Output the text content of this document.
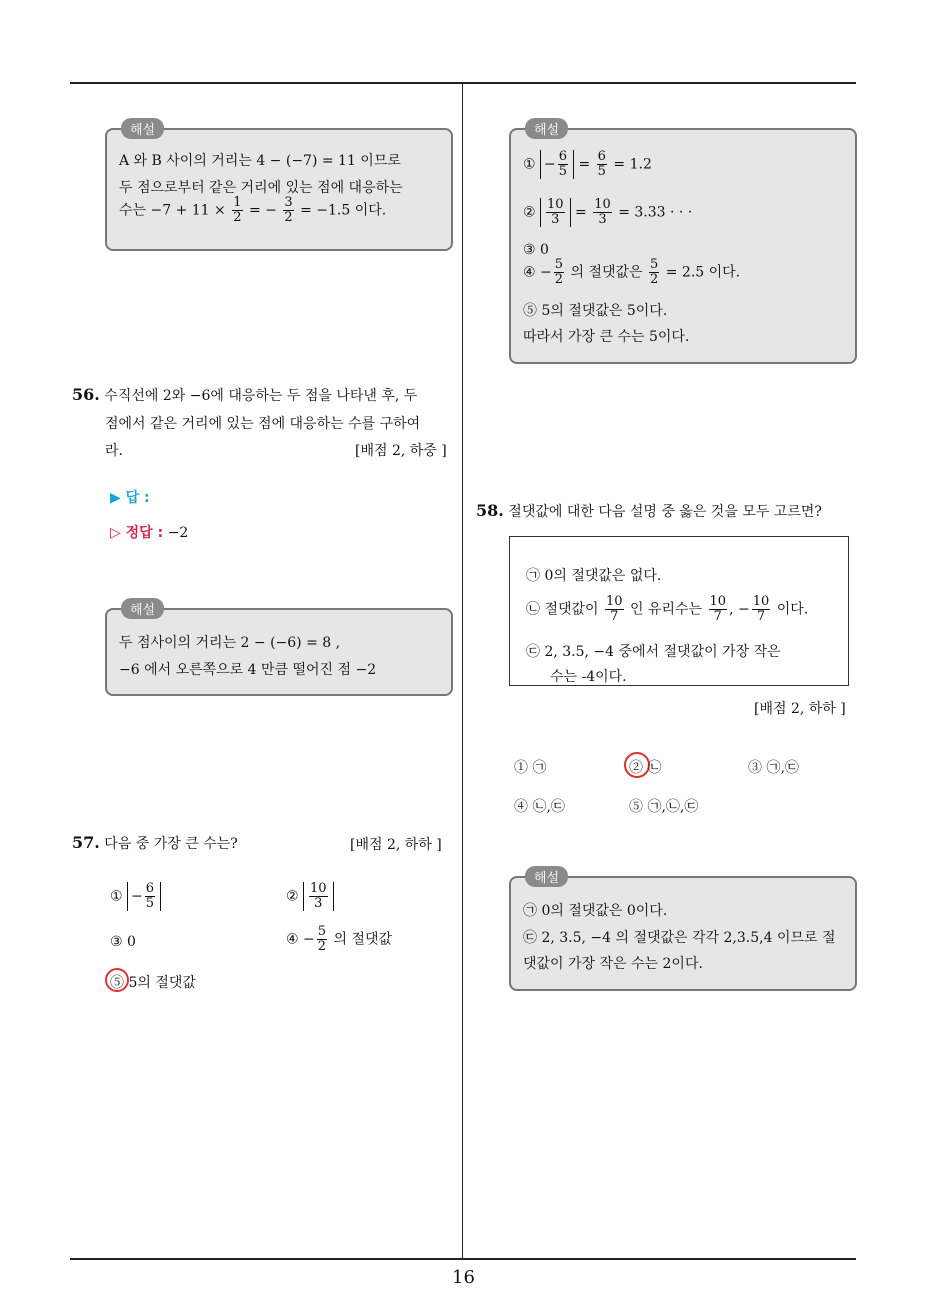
16
해설
A 와 B 사이의 거리는 4 − (−7) = 11 이므로
두 점으로부터 같은 거리에 있는 점에 대응하는
수는 $-7 + 11 \times \frac{1}{2}$ = − $\frac{3}{2} = -1.5$ 이다.
56. 수직선에 2와 −6에 대응하는 두 점을 나타낸 후, 두
점에서 같은 거리에 있는 점에 대응하는 수를 구하여
라.	[배점 2, 하중 ]
▶ 답 :
▷ 정답 : −2
해설
두 점사이의 거리는 2 − (−6) = 8 ,
−6 에서 오른쪽으로 4 만큼 떨어진 점 −2
57. 다음 중 가장 큰 수는?	[배점 2, 하하 ]
① − $\frac{6}{5}$	② $\frac{10}{3}$
③ 0	④ − $\frac{5}{2}$ 의 절댓값
⑤ 5의 절댓값
해설
① − $\frac{6}{5} = \frac{6}{5} = 1.2$
② $\frac{10}{3} = \frac{10}{3} = 3.33$ · · ·
③ 0
④ − $\frac{5}{2}$ 의 절댓값은 $\frac{5}{2} = 2.5$ 이다.
⑤ 5의 절댓값은 5이다.
따라서 가장 큰 수는 5이다.
58. 절댓값에 대한 다음 설명 중 옳은 것을 모두 고르면?
㉠ 0의 절댓값은 없다.
㉡ 절댓값이 $\frac{10}{7}$ 인 유리수는 $\frac{10}{7}$ , − $\frac{10}{7}$ 이다.
㉢ 2, 3.5, −4 중에서 절댓값이 가장 작은
수는 -4이다.
[배점 2, 하하 ]
① ㉠	② ㉡	③ ㉠,㉢
④ ㉡,㉢	⑤ ㉠,㉡,㉢
해설
㉠ 0의 절댓값은 0이다.
㉢ 2, 3.5, −4 의 절댓값은 각각 2,3.5,4 이므로 절
댓값이 가장 작은 수는 2이다.
